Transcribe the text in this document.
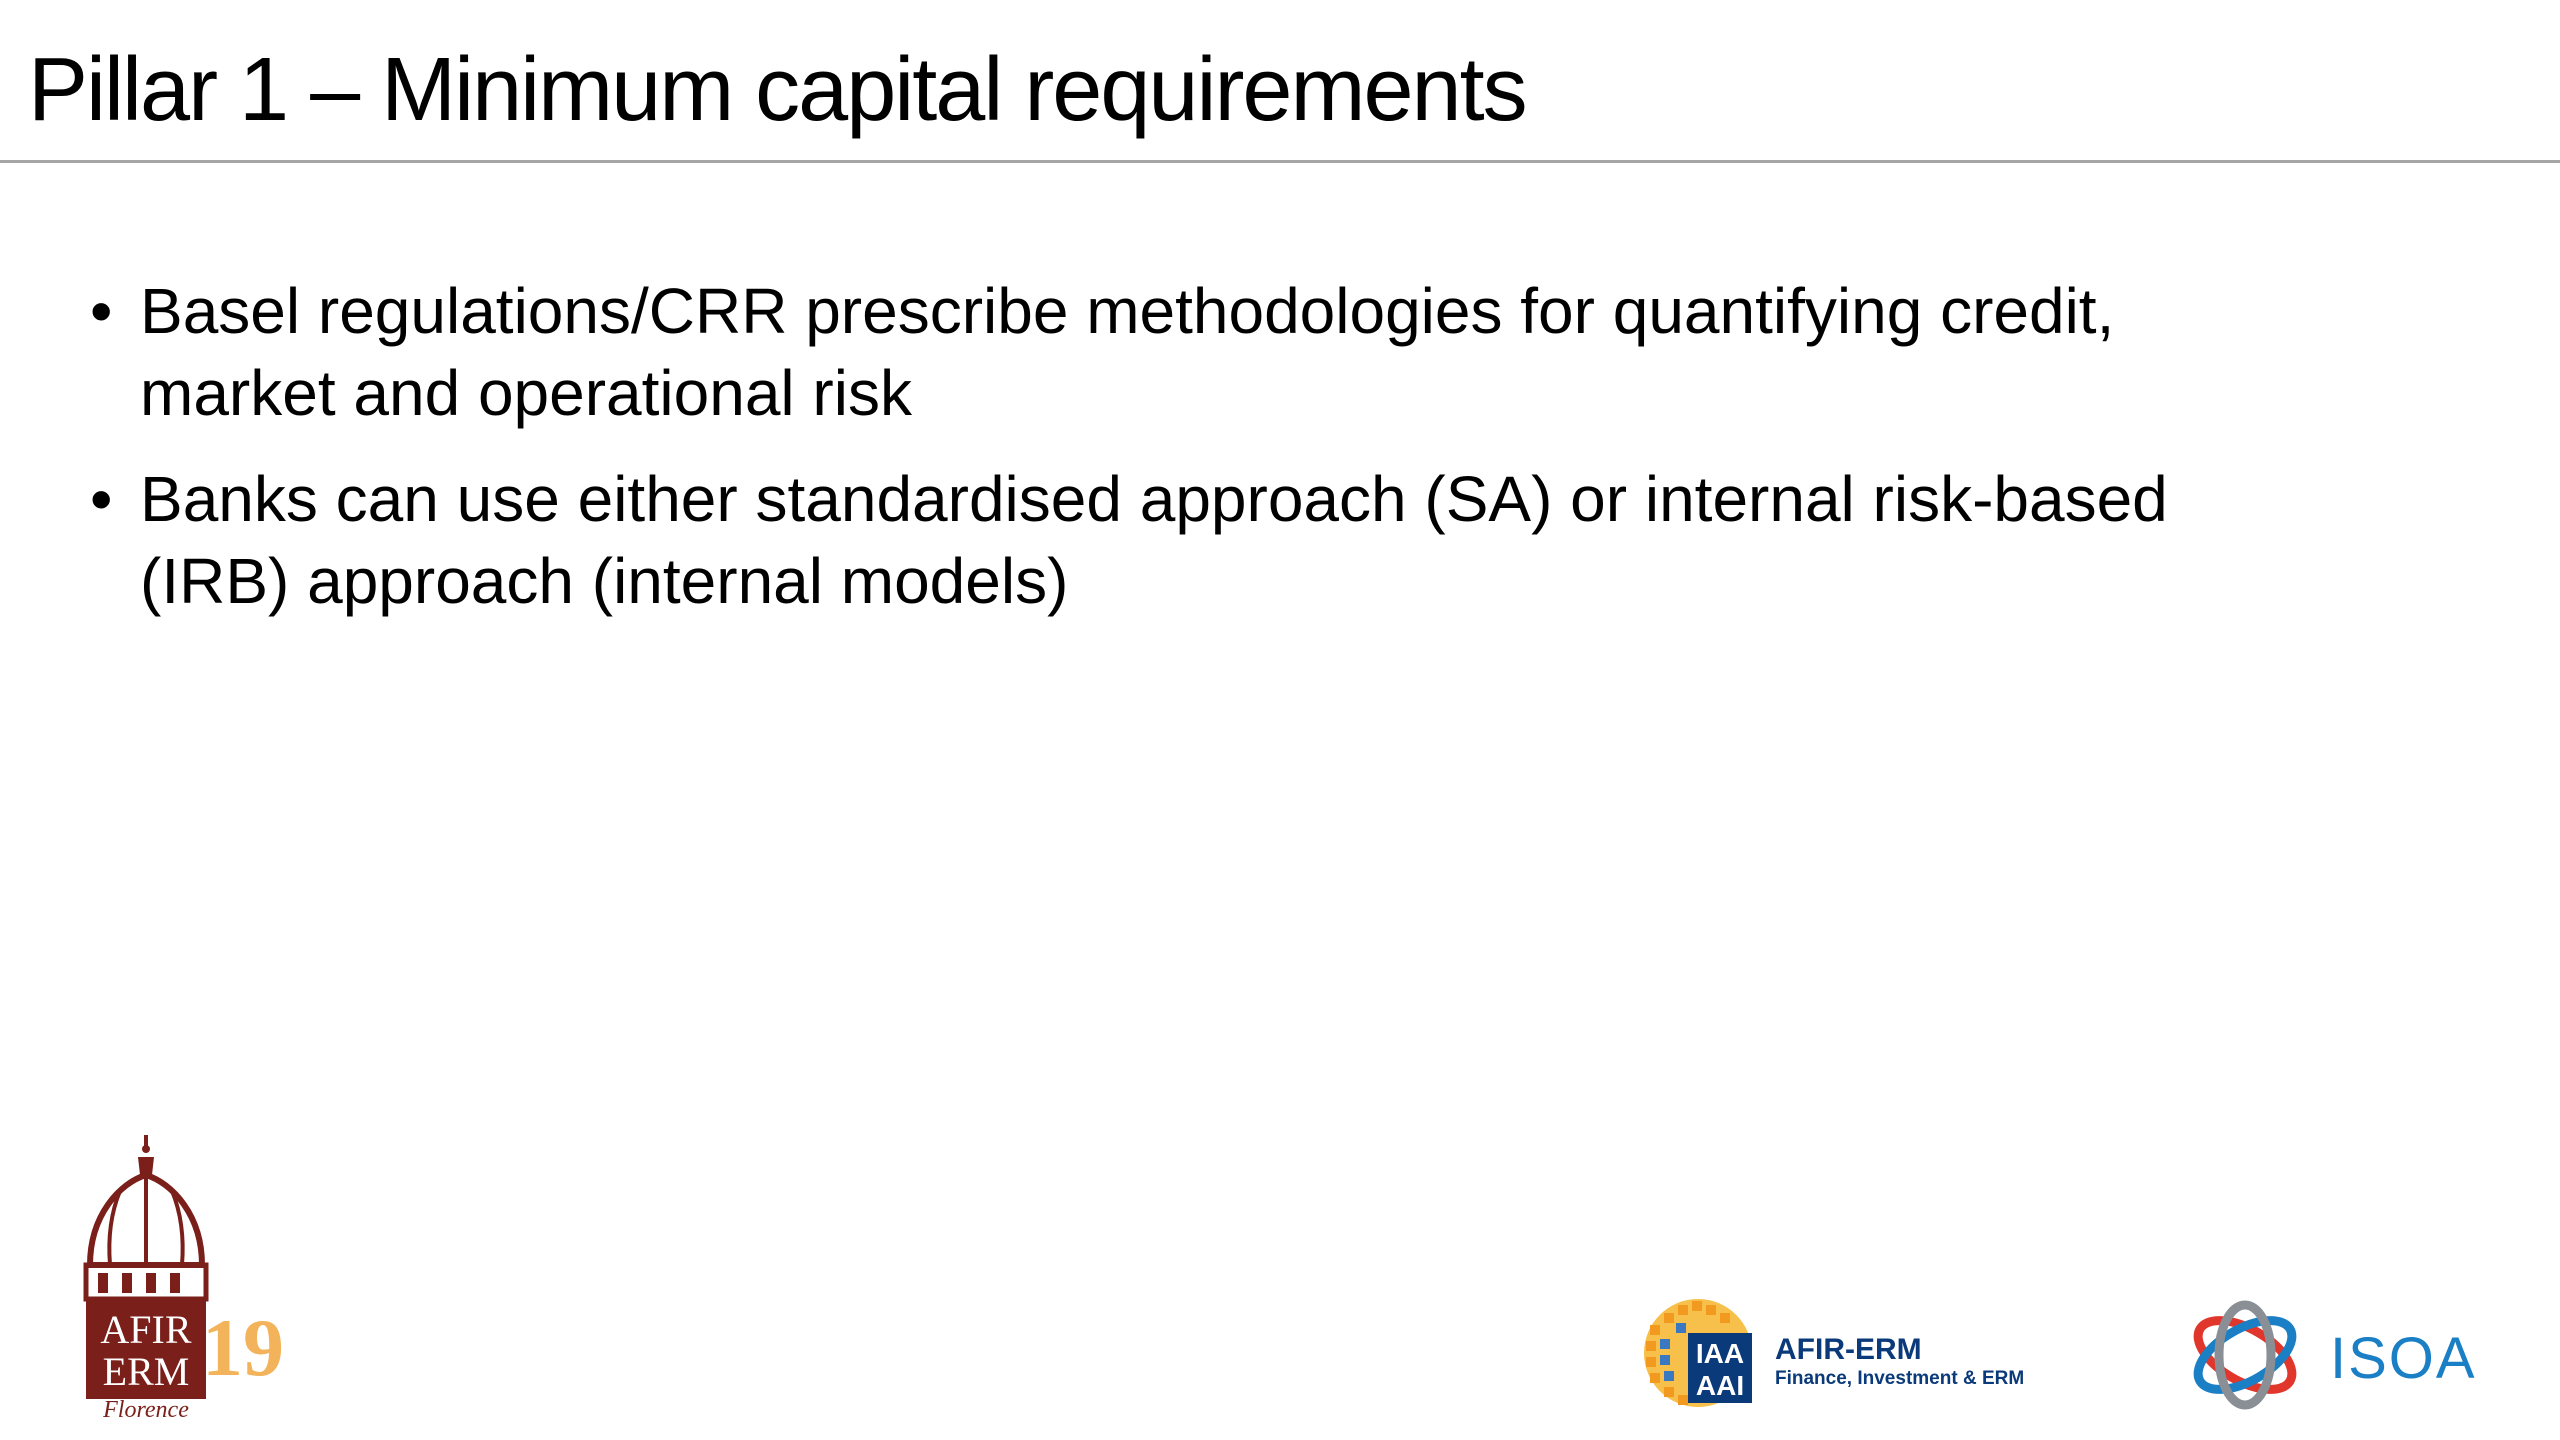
Pillar 1 – Minimum capital requirements
• Basel regulations/CRR prescribe methodologies for quantifying credit,
market and operational risk
• Banks can use either standardised approach (SA) or internal risk-based
(IRB) approach (internal models)
AFIR
ERM 19
Florence
IAA
AAI
AFIR-ERM
Finance, Investment & ERM	ISOA
